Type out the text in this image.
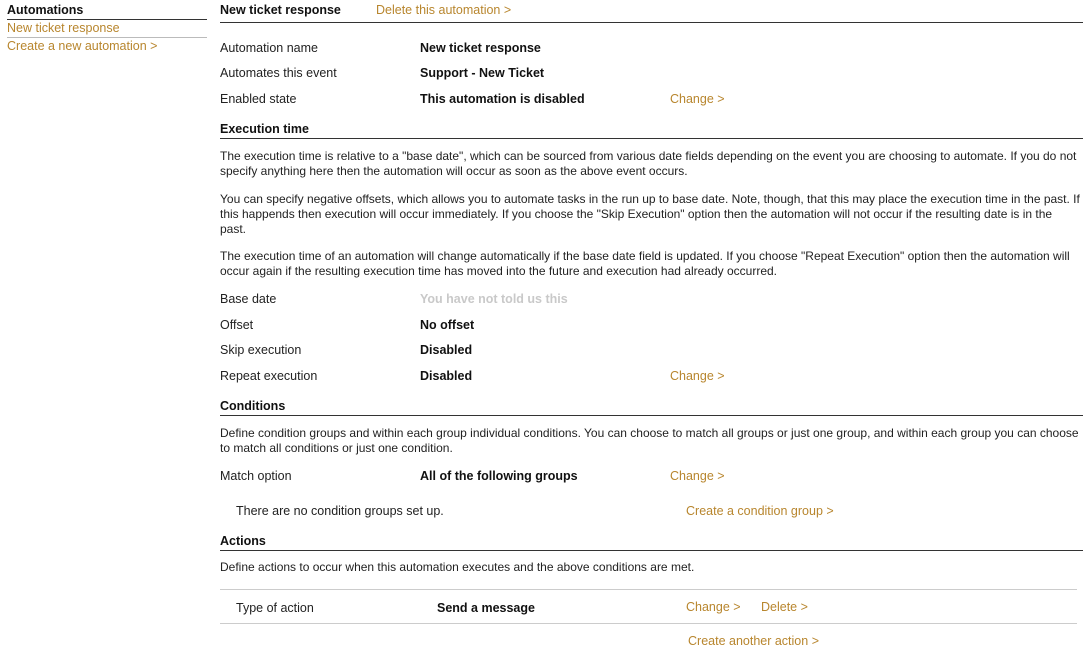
Automations
New ticket response
Create a new automation >
New ticket response	Delete this automation >
Automation name	New ticket response
Automates this event	Support - New Ticket
Enabled state	This automation is disabled	Change >
Execution time
The execution time is relative to a "base date", which can be sourced from various date fields depending on the event you are choosing to automate. If you do not specify anything here then the automation will occur as soon as the above event occurs.
You can specify negative offsets, which allows you to automate tasks in the run up to base date. Note, though, that this may place the execution time in the past. If this happends then execution will occur immediately. If you choose the "Skip Execution" option then the automation will not occur if the resulting date is in the past.
The execution time of an automation will change automatically if the base date field is updated. If you choose "Repeat Execution" option then the automation will occur again if the resulting execution time has moved into the future and execution had already occurred.
Base date	You have not told us this
Offset	No offset
Skip execution	Disabled
Repeat execution	Disabled	Change >
Conditions
Define condition groups and within each group individual conditions. You can choose to match all groups or just one group, and within each group you can choose to match all conditions or just one condition.
Match option	All of the following groups	Change >
There are no condition groups set up.	Create a condition group >
Actions
Define actions to occur when this automation executes and the above conditions are met.
Type of action	Send a message	Change > Delete >
Create another action >
